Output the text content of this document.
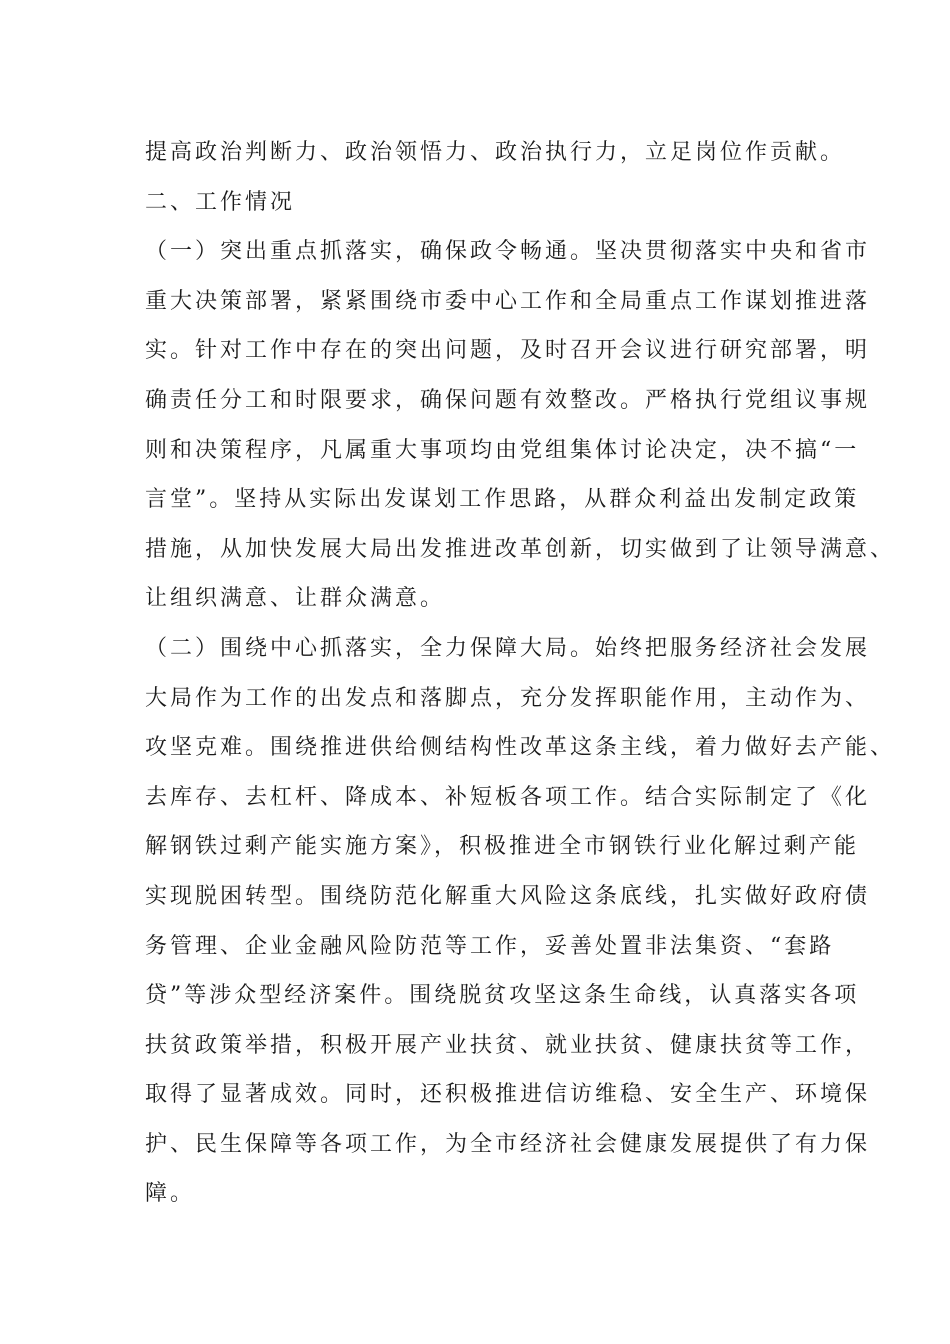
提高政治判断力、政治领悟力、政治执行力，立足岗位作贡献。
二、工作情况
（一）突出重点抓落实，确保政令畅通。坚决贯彻落实中央和省市
重大决策部署，紧紧围绕市委中心工作和全局重点工作谋划推进落
实。针对工作中存在的突出问题，及时召开会议进行研究部署，明
确责任分工和时限要求，确保问题有效整改。严格执行党组议事规
则和决策程序，凡属重大事项均由党组集体讨论决定，决不搞“一
言堂”。坚持从实际出发谋划工作思路，从群众利益出发制定政策
措施，从加快发展大局出发推进改革创新，切实做到了让领导满意、
让组织满意、让群众满意。
（二）围绕中心抓落实，全力保障大局。始终把服务经济社会发展
大局作为工作的出发点和落脚点，充分发挥职能作用，主动作为、
攻坚克难。围绕推进供给侧结构性改革这条主线，着力做好去产能、
去库存、去杠杆、降成本、补短板各项工作。结合实际制定了《化
解钢铁过剩产能实施方案》，积极推进全市钢铁行业化解过剩产能
实现脱困转型。围绕防范化解重大风险这条底线，扎实做好政府债
务管理、企业金融风险防范等工作，妥善处置非法集资、“套路
贷”等涉众型经济案件。围绕脱贫攻坚这条生命线，认真落实各项
扶贫政策举措，积极开展产业扶贫、就业扶贫、健康扶贫等工作，
取得了显著成效。同时，还积极推进信访维稳、安全生产、环境保
护、民生保障等各项工作，为全市经济社会健康发展提供了有力保
障。
